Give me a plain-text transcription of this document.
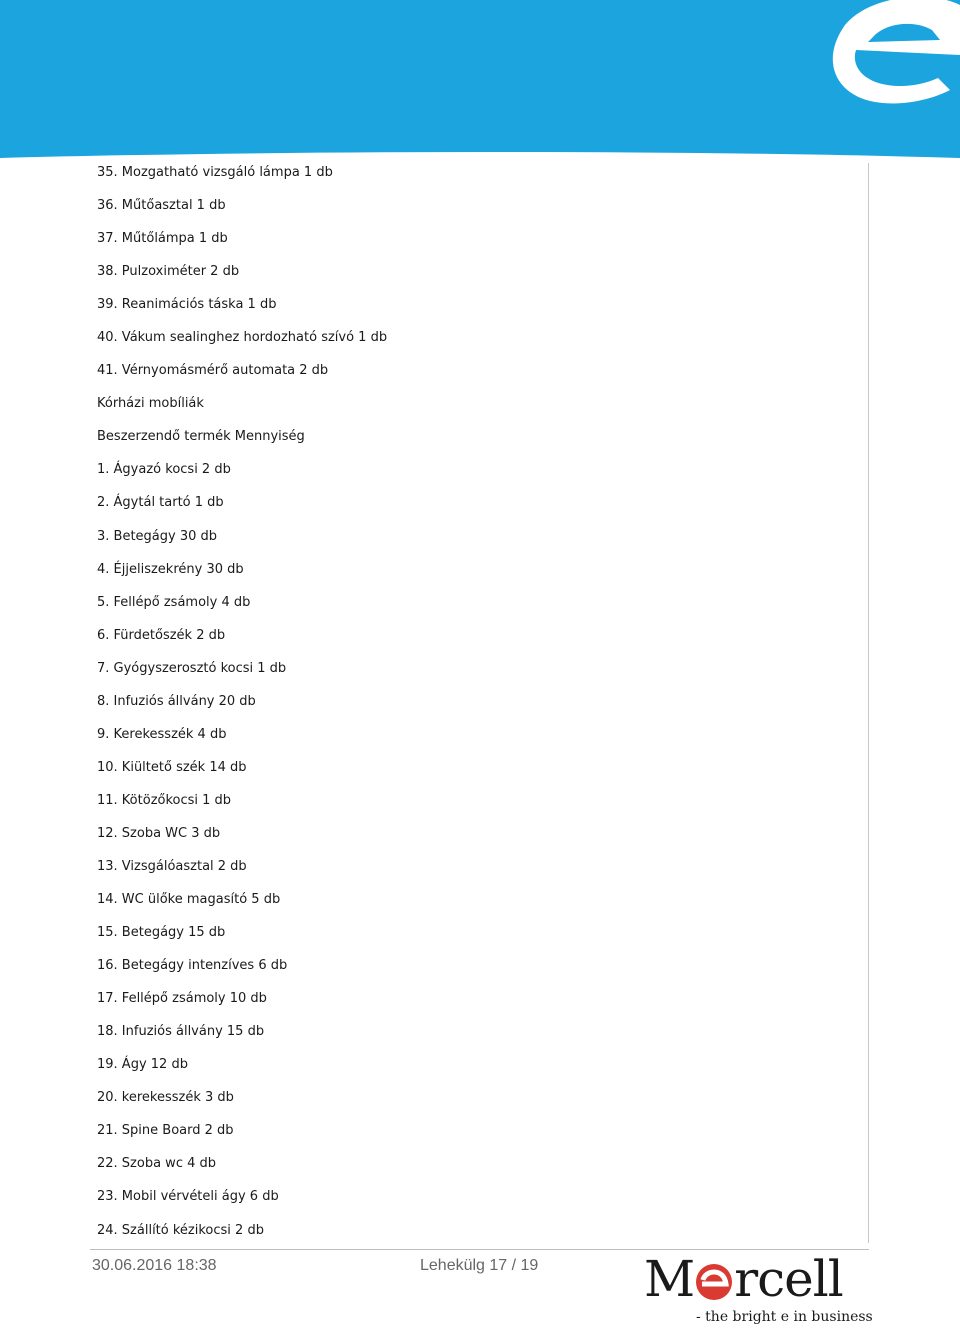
35. Mozgatható vizsgáló lámpa 1 db
36. Műtőasztal 1 db
37. Műtőlámpa 1 db
38. Pulzoximéter 2 db
39. Reanimációs táska 1 db
40. Vákum sealinghez hordozható szívó 1 db
41. Vérnyomásmérő automata 2 db
Kórházi mobíliák
Beszerzendő termék Mennyiség
1. Ágyazó kocsi 2 db
2. Ágytál tartó 1 db
3. Betegágy 30 db
4. Éjjeliszekrény 30 db
5. Fellépő zsámoly 4 db
6. Fürdetőszék 2 db
7. Gyógyszerosztó kocsi 1 db
8. Infuziós állvány 20 db
9. Kerekesszék 4 db
10. Kiültető szék 14 db
11. Kötözőkocsi 1 db
12. Szoba WC 3 db
13. Vizsgálóasztal 2 db
14. WC ülőke magasító 5 db
15. Betegágy 15 db
16. Betegágy intenzíves 6 db
17. Fellépő zsámoly 10 db
18. Infuziós állvány 15 db
19. Ágy 12 db
20. kerekesszék 3 db
21. Spine Board 2 db
22. Szoba wc 4 db
23. Mobil vérvételi ágy 6 db
24. Szállító kézikocsi 2 db
30.06.2016 18:38	Lehekülg 17 / 19 M rcell
- the bright e in business
